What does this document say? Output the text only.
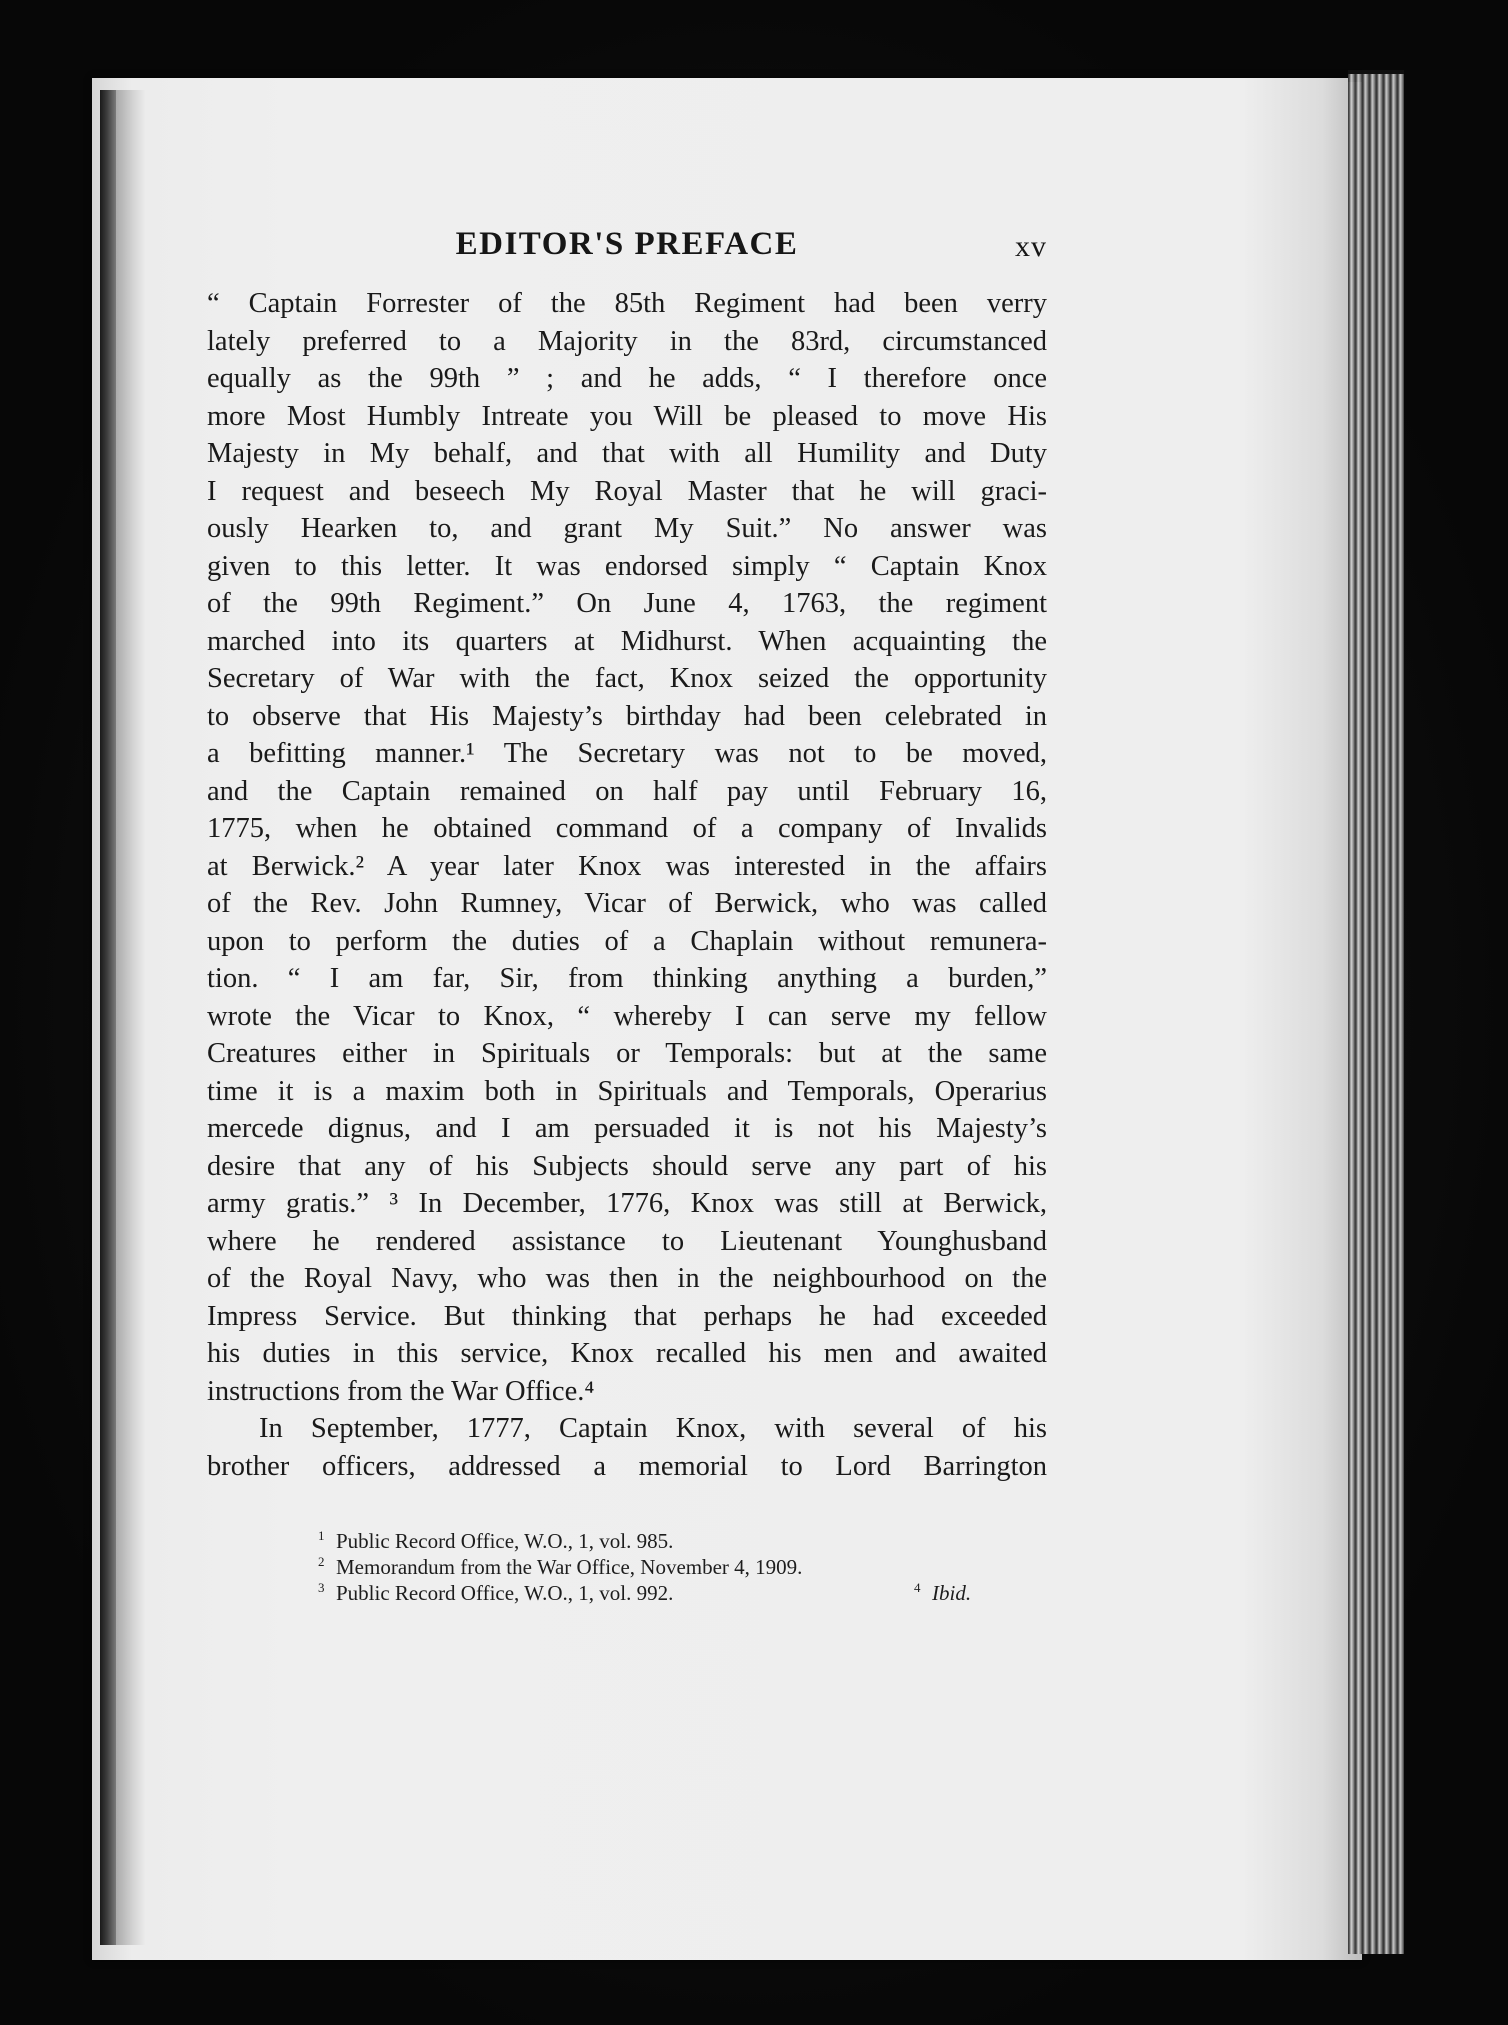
EDITOR'S PREFACE	xv
“ Captain Forrester of the 85th Regiment had been verry
lately preferred to a Majority in the 83rd, circumstanced
equally as the 99th ” ; and he adds, “ I therefore once
more Most Humbly Intreate you Will be pleased to move His
Majesty in My behalf, and that with all Humility and Duty
I request and beseech My Royal Master that he will graci-
ously Hearken to, and grant My Suit.” No answer was
given to this letter. It was endorsed simply “ Captain Knox
of the 99th Regiment.” On June 4, 1763, the regiment
marched into its quarters at Midhurst. When acquainting the
Secretary of War with the fact, Knox seized the opportunity
to observe that His Majesty’s birthday had been celebrated in
a befitting manner.¹ The Secretary was not to be moved,
and the Captain remained on half pay until February 16,
1775, when he obtained command of a company of Invalids
at Berwick.² A year later Knox was interested in the affairs
of the Rev. John Rumney, Vicar of Berwick, who was called
upon to perform the duties of a Chaplain without remunera-
tion. “ I am far, Sir, from thinking anything a burden,”
wrote the Vicar to Knox, “ whereby I can serve my fellow
Creatures either in Spirituals or Temporals: but at the same
time it is a maxim both in Spirituals and Temporals, Operarius
mercede dignus, and I am persuaded it is not his Majesty’s
desire that any of his Subjects should serve any part of his
army gratis.” ³ In December, 1776, Knox was still at Berwick,
where he rendered assistance to Lieutenant Younghusband
of the Royal Navy, who was then in the neighbourhood on the
Impress Service. But thinking that perhaps he had exceeded
his duties in this service, Knox recalled his men and awaited
instructions from the War Office.⁴
In September, 1777, Captain Knox, with several of his
brother officers, addressed a memorial to Lord Barrington
1 Public Record Office, W.O., 1, vol. 985.
2 Memorandum from the War Office, November 4, 1909.
3 Public Record Office, W.O., 1, vol. 992.	4 Ibid.
